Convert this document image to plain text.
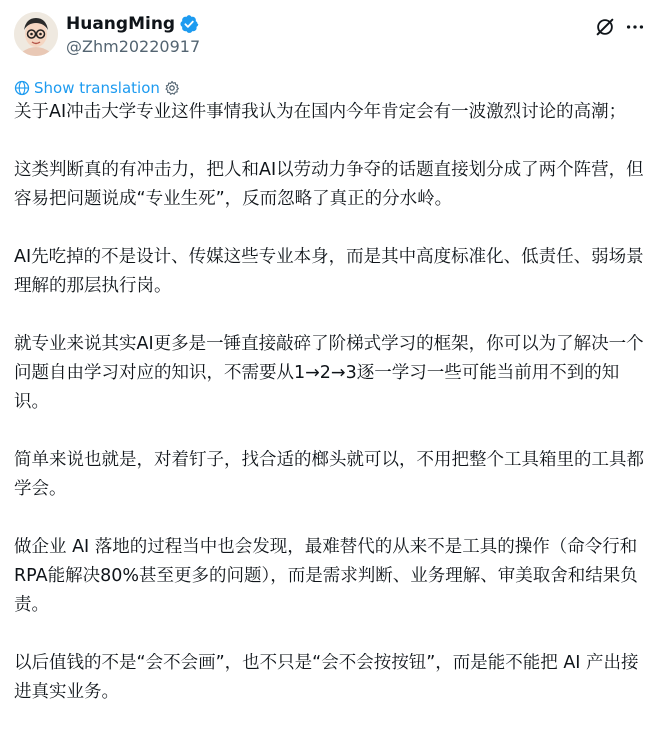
HuangMing
@Zhm20220917
Show translation

关于AI冲击大学专业这件事情我认为在国内今年肯定会有一波激烈讨论的高潮；

这类判断真的有冲击力，把人和AI以劳动力争夺的话题直接划分成了两个阵营，但容易把问题说成“专业生死”，反而忽略了真正的分水岭。

AI先吃掉的不是设计、传媒这些专业本身，而是其中高度标准化、低责任、弱场景理解的那层执行岗。

就专业来说其实AI更多是一锤直接敲碎了阶梯式学习的框架，你可以为了解决一个问题自由学习对应的知识，不需要从1→2→3逐一学习一些可能当前用不到的知识。

简单来说也就是，对着钉子，找合适的榔头就可以，不用把整个工具箱里的工具都学会。

做企业 AI 落地的过程当中也会发现，最难替代的从来不是工具的操作（命令行和RPA能解决80%甚至更多的问题），而是需求判断、业务理解、审美取舍和结果负责。

以后值钱的不是“会不会画”，也不只是“会不会按按钮”，而是能不能把 AI 产出接进真实业务。
